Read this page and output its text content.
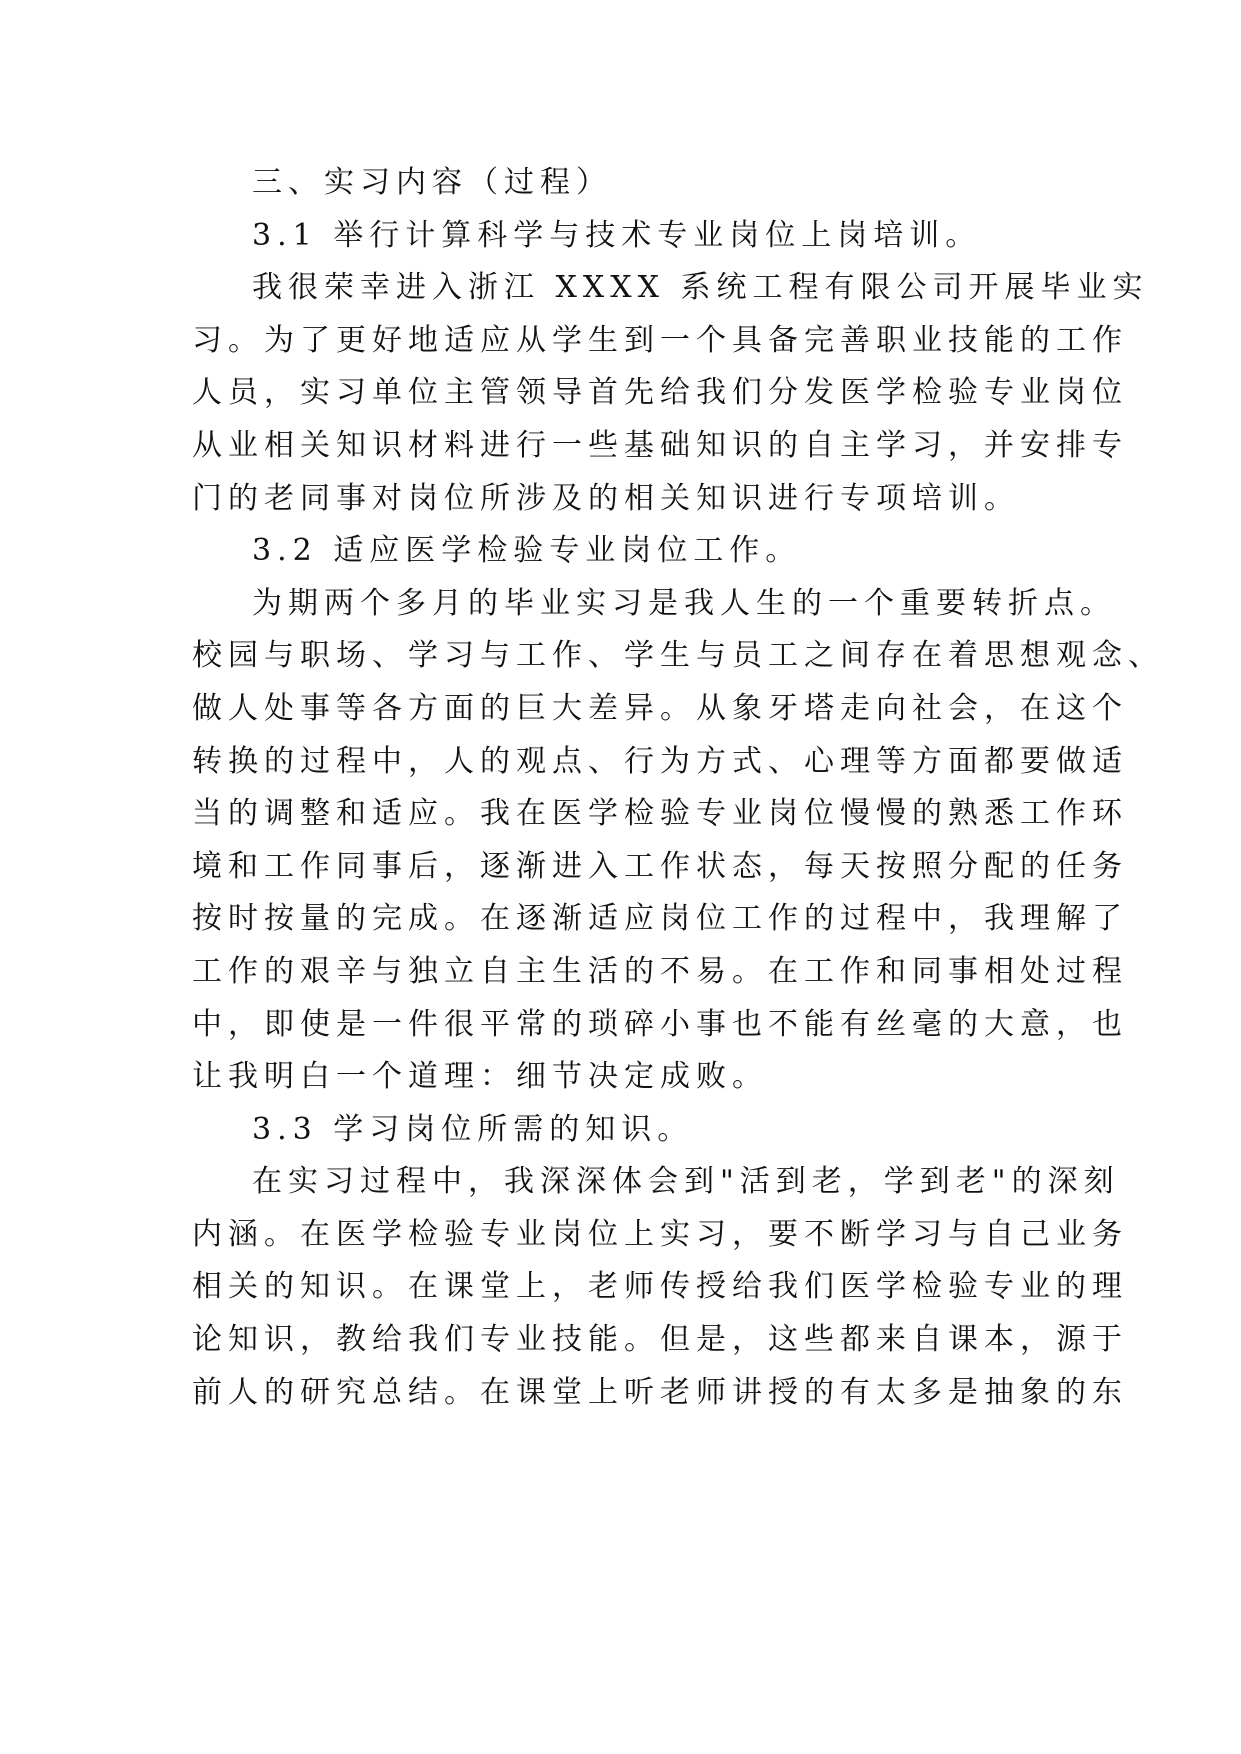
三、实习内容（过程）
3.1 举行计算科学与技术专业岗位上岗培训。
我很荣幸进入浙江 XXXX 系统工程有限公司开展毕业实
习。为了更好地适应从学生到一个具备完善职业技能的工作
人员，实习单位主管领导首先给我们分发医学检验专业岗位
从业相关知识材料进行一些基础知识的自主学习，并安排专
门的老同事对岗位所涉及的相关知识进行专项培训。
3.2 适应医学检验专业岗位工作。
为期两个多月的毕业实习是我人生的一个重要转折点。
校园与职场、学习与工作、学生与员工之间存在着思想观念、
做人处事等各方面的巨大差异。从象牙塔走向社会，在这个
转换的过程中，人的观点、行为方式、心理等方面都要做适
当的调整和适应。我在医学检验专业岗位慢慢的熟悉工作环
境和工作同事后，逐渐进入工作状态，每天按照分配的任务
按时按量的完成。在逐渐适应岗位工作的过程中，我理解了
工作的艰辛与独立自主生活的不易。在工作和同事相处过程
中，即使是一件很平常的琐碎小事也不能有丝毫的大意，也
让我明白一个道理：细节决定成败。
3.3 学习岗位所需的知识。
在实习过程中，我深深体会到"活到老，学到老"的深刻
内涵。在医学检验专业岗位上实习，要不断学习与自己业务
相关的知识。在课堂上，老师传授给我们医学检验专业的理
论知识，教给我们专业技能。但是，这些都来自课本，源于
前人的研究总结。在课堂上听老师讲授的有太多是抽象的东
